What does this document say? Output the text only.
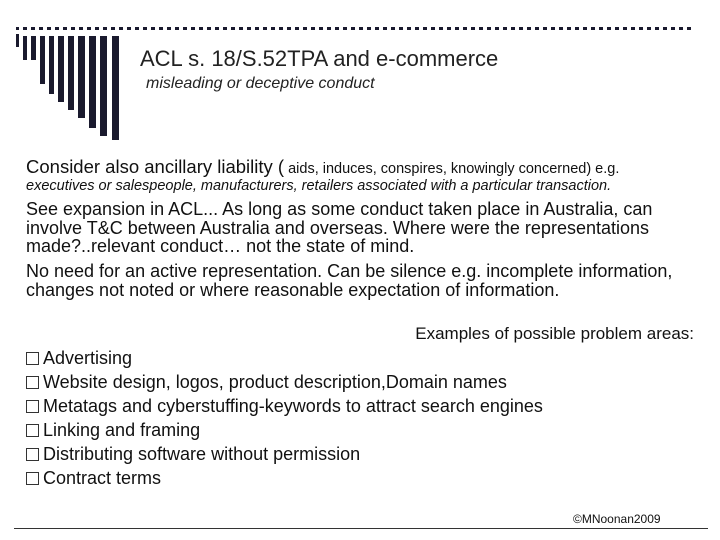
ACL s. 18/S.52TPA and e-commerce
misleading or deceptive conduct
Consider also ancillary liability ( aids, induces, conspires, knowingly concerned) e.g.
executives or salespeople, manufacturers, retailers associated with a particular transaction.
See expansion in ACL... As long as some conduct taken place in Australia, can involve T&C between Australia and overseas. Where were the representations made?..relevant conduct… not the state of mind.
No need for an active representation. Can be silence e.g. incomplete information, changes not noted or where reasonable expectation of information.
Examples of possible problem areas:
Advertising
Website design, logos, product description,Domain names
Metatags and cyberstuffing-keywords to attract search engines
Linking and framing
Distributing software without permission
Contract terms
©MNoonan2009
